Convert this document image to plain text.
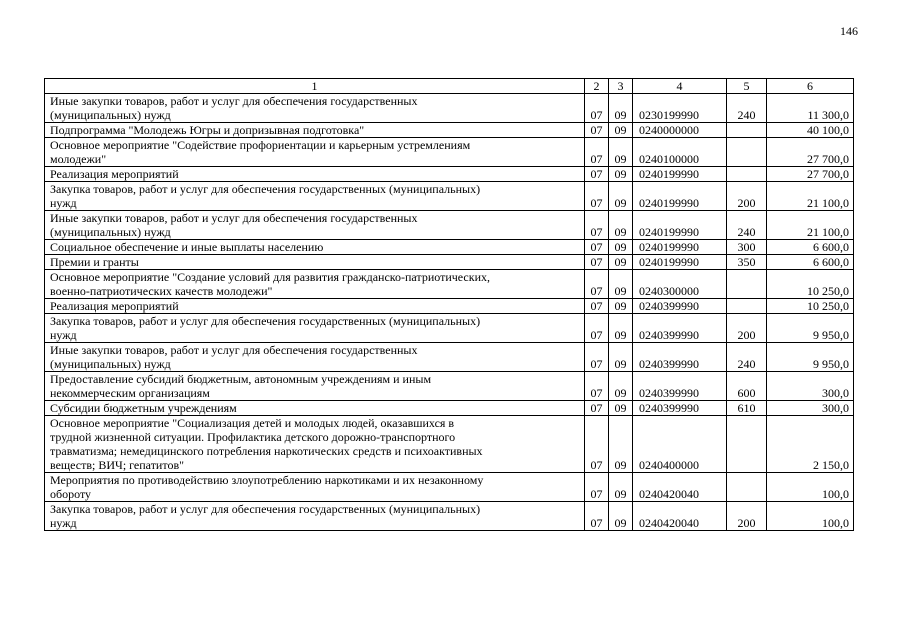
146
1	2	3	4	5	6
Иные закупки товаров, работ и услуг для обеспечения государственных
(муниципальных) нужд	07	09	0230199990	240	11 300,0
Подпрограмма "Молодежь Югры и допризывная подготовка"	07	09	0240000000		40 100,0
Основное мероприятие "Содействие профориентации и карьерным устремлениям
молодежи"	07	09	0240100000		27 700,0
Реализация мероприятий	07	09	0240199990		27 700,0
Закупка товаров, работ и услуг для обеспечения государственных (муниципальных)
нужд	07	09	0240199990	200	21 100,0
Иные закупки товаров, работ и услуг для обеспечения государственных
(муниципальных) нужд	07	09	0240199990	240	21 100,0
Социальное обеспечение и иные выплаты населению	07	09	0240199990	300	6 600,0
Премии и гранты	07	09	0240199990	350	6 600,0
Основное мероприятие "Создание условий для развития гражданско-патриотических,
военно-патриотических качеств молодежи"	07	09	0240300000		10 250,0
Реализация мероприятий	07	09	0240399990		10 250,0
Закупка товаров, работ и услуг для обеспечения государственных (муниципальных)
нужд	07	09	0240399990	200	9 950,0
Иные закупки товаров, работ и услуг для обеспечения государственных
(муниципальных) нужд	07	09	0240399990	240	9 950,0
Предоставление субсидий бюджетным, автономным учреждениям и иным
некоммерческим организациям	07	09	0240399990	600	300,0
Субсидии бюджетным учреждениям	07	09	0240399990	610	300,0
Основное мероприятие "Социализация детей и молодых людей, оказавшихся в
трудной жизненной ситуации. Профилактика детского дорожно-транспортного
травматизма; немедицинского потребления наркотических средств и психоактивных
веществ; ВИЧ; гепатитов"	07	09	0240400000		2 150,0
Мероприятия по противодействию злоупотреблению наркотиками и их незаконному
обороту	07	09	0240420040		100,0
Закупка товаров, работ и услуг для обеспечения государственных (муниципальных)
нужд	07	09	0240420040	200	100,0
